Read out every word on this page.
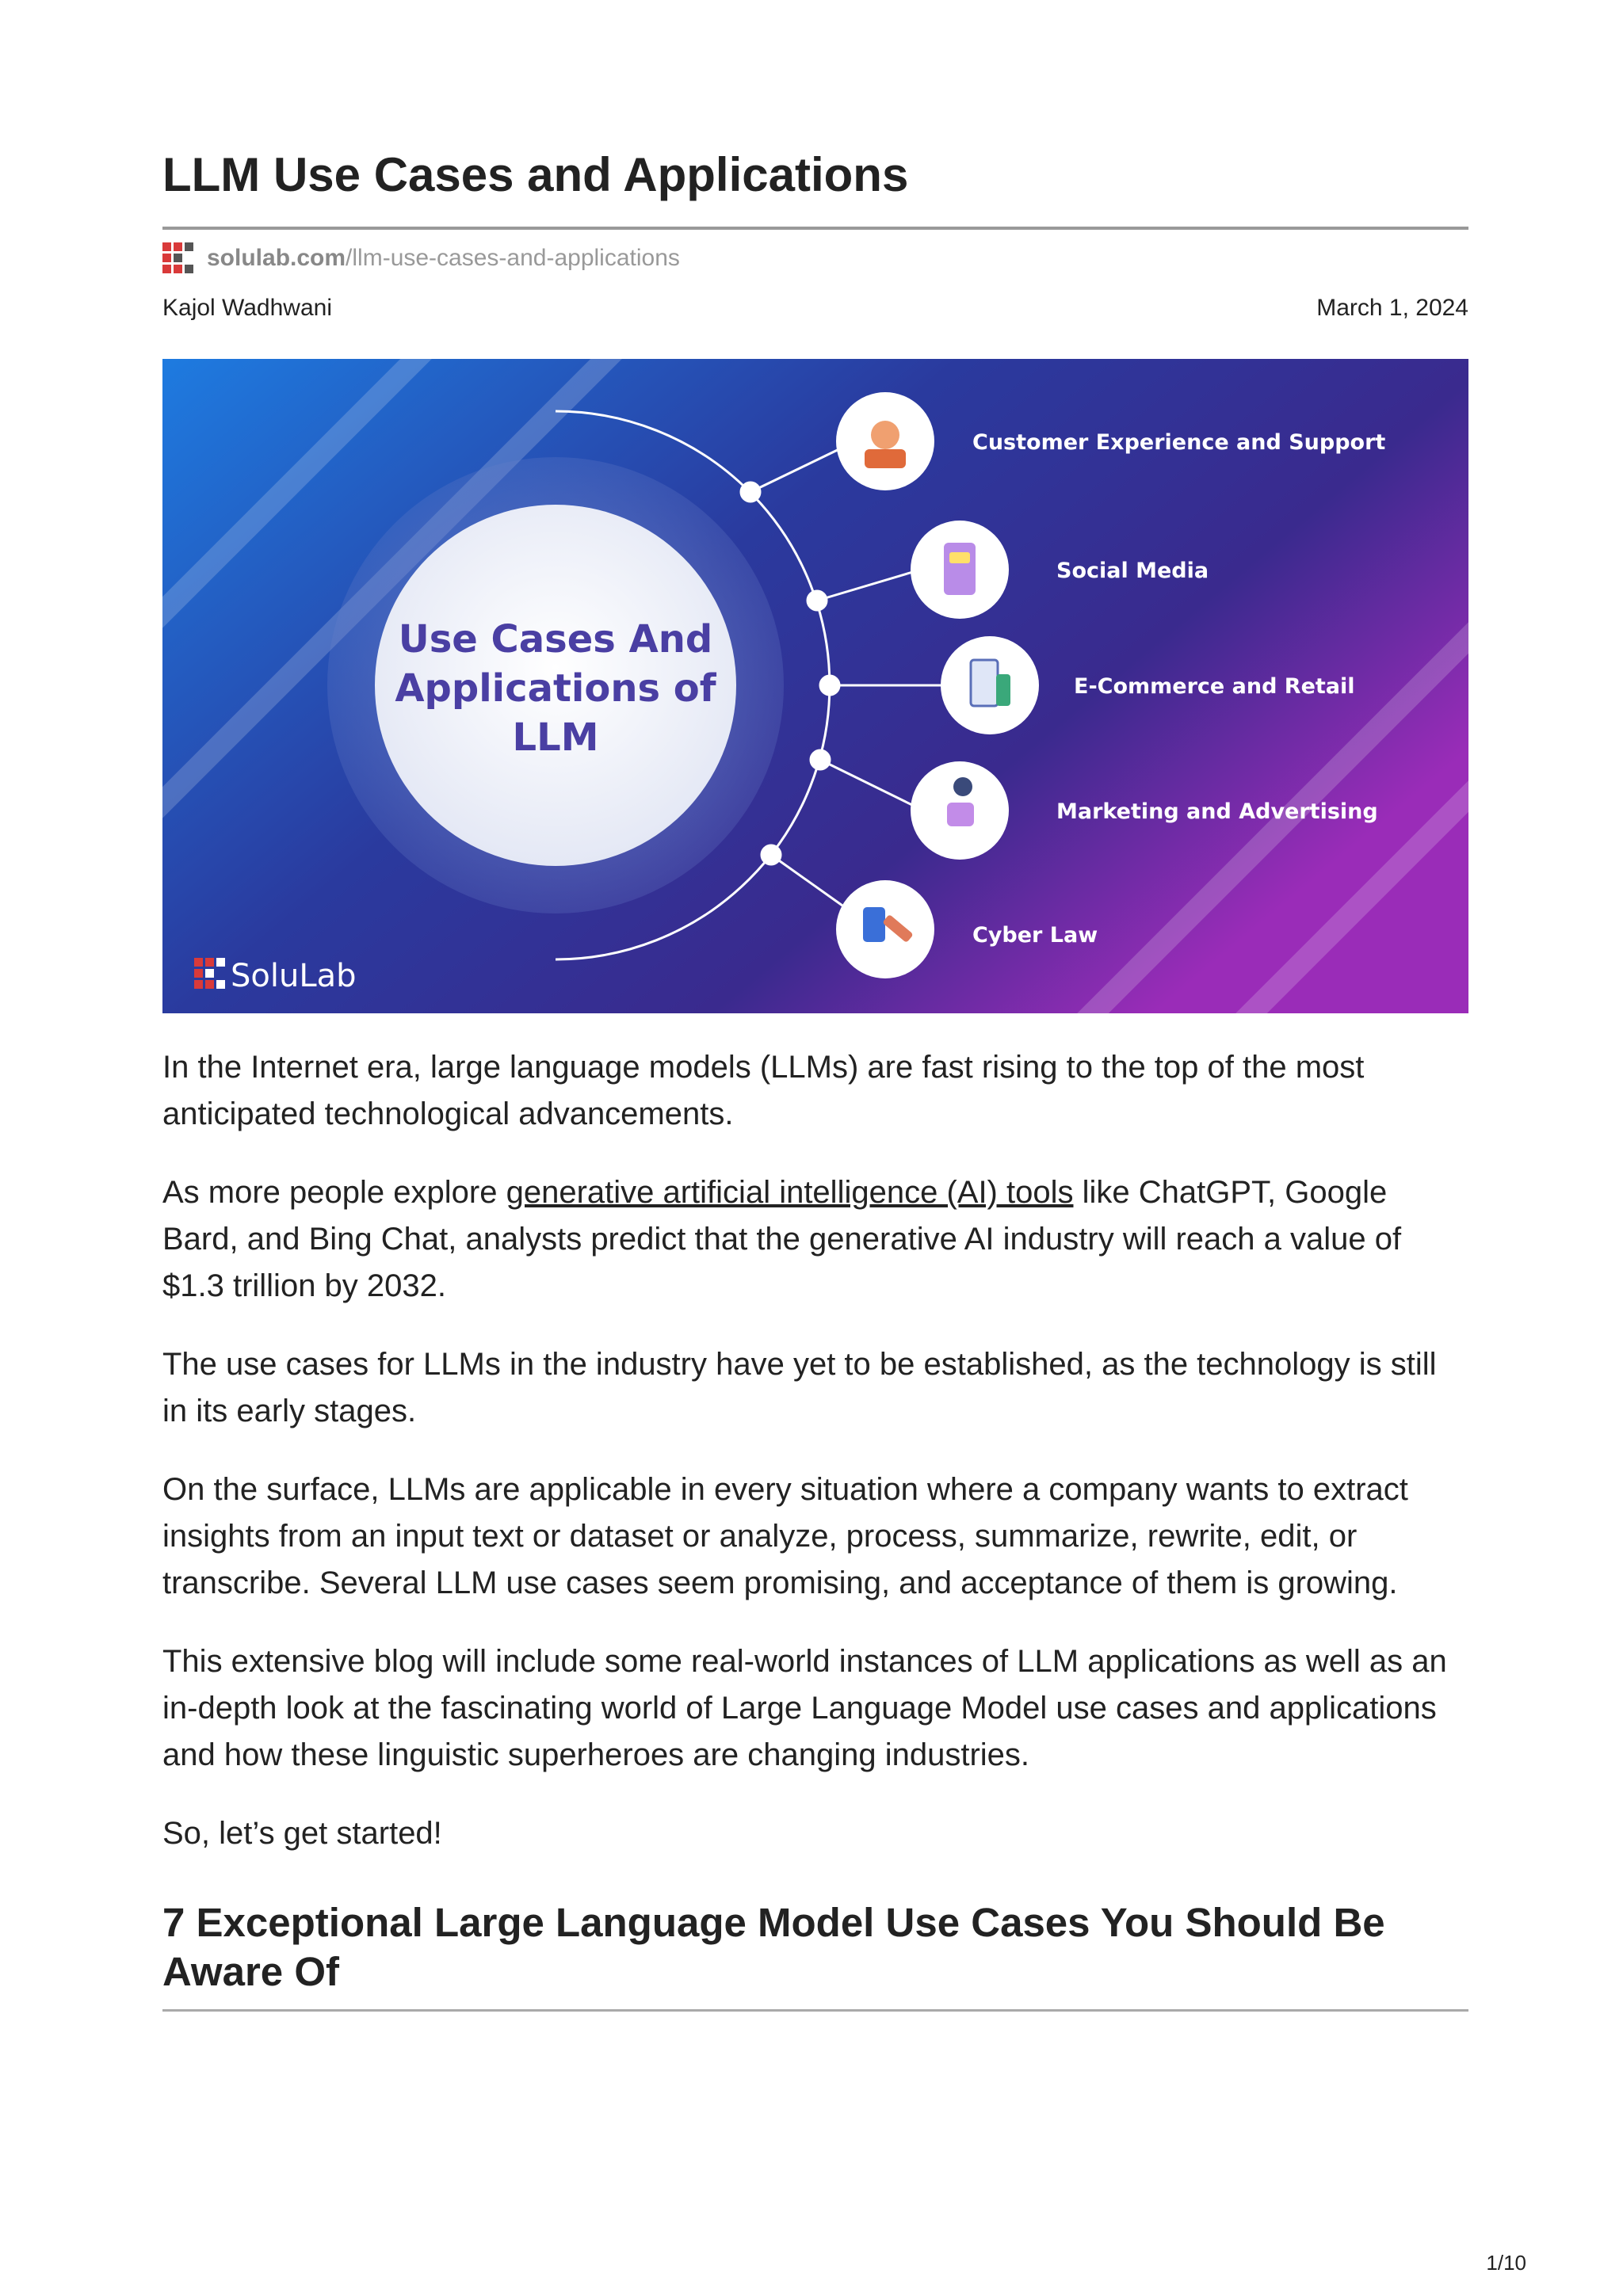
LLM Use Cases and Applications
solulab.com/llm-use-cases-and-applications
Kajol Wadhwani	March 1, 2024
Use Cases And
Applications of
LLM
Customer Experience and Support
Social Media
E-Commerce and Retail
Marketing and Advertising
Cyber Law
SoluLab

In the Internet era, large language models (LLMs) are fast rising to the top of the most anticipated technological advancements.

As more people explore generative artificial intelligence (AI) tools like ChatGPT, Google Bard, and Bing Chat, analysts predict that the generative AI industry will reach a value of $1.3 trillion by 2032.

The use cases for LLMs in the industry have yet to be established, as the technology is still in its early stages.

On the surface, LLMs are applicable in every situation where a company wants to extract insights from an input text or dataset or analyze, process, summarize, rewrite, edit, or transcribe. Several LLM use cases seem promising, and acceptance of them is growing.

This extensive blog will include some real-world instances of LLM applications as well as an in-depth look at the fascinating world of Large Language Model use cases and applications and how these linguistic superheroes are changing industries.

So, let’s get started!

7 Exceptional Large Language Model Use Cases You Should Be Aware Of
1/10
